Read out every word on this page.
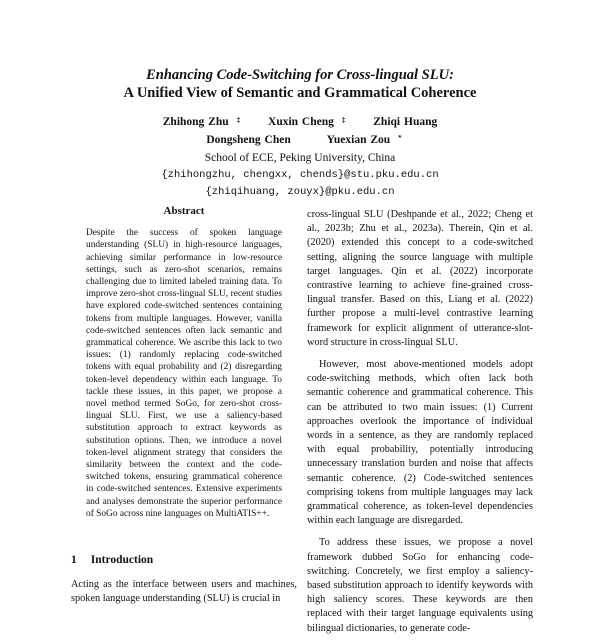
Enhancing Code-Switching for Cross-lingual SLU:
A Unified View of Semantic and Grammatical Coherence
Zhihong Zhu ‡ Xuxin Cheng ‡ Zhiqi Huang
Dongsheng Chen	Yuexian Zou *
School of ECE, Peking University, China
{zhihongzhu, chengxx, chends}@stu.pku.edu.cn
{zhiqihuang, zouyx}@pku.edu.cn
Abstract

Despite the success of spoken language understanding (SLU) in high-resource languages, achieving similar performance in low-resource settings, such as zero-shot scenarios, remains challenging due to limited labeled training data. To improve zero-shot cross-lingual SLU, recent studies have explored code-switched sentences containing tokens from multiple languages. However, vanilla code-switched sentences often lack semantic and grammatical coherence. We ascribe this lack to two issues: (1) randomly replacing code-switched tokens with equal probability and (2) disregarding token-level dependency within each language. To tackle these issues, in this paper, we propose a novel method termed SoGo, for zero-shot cross-lingual SLU. First, we use a saliency-based substitution approach to extract keywords as substitution options. Then, we introduce a novel token-level alignment strategy that considers the similarity between the context and the code-switched tokens, ensuring grammatical coherence in code-switched sentences. Extensive experiments and analyses demonstrate the superior performance of SoGo across nine languages on MultiATIS++.

1 Introduction

Acting as the interface between users and machines, spoken language understanding (SLU) is crucial in

cross-lingual SLU (Deshpande et al., 2022; Cheng et al., 2023b; Zhu et al., 2023a). Therein, Qin et al. (2020) extended this concept to a code-switched setting, aligning the source language with multiple target languages. Qin et al. (2022) incorporate contrastive learning to achieve fine-grained cross-lingual transfer. Based on this, Liang et al. (2022) further propose a multi-level contrastive learning framework for explicit alignment of utterance-slot-word structure in cross-lingual SLU.

However, most above-mentioned models adopt code-switching methods, which often lack both semantic coherence and grammatical coherence. This can be attributed to two main issues: (1) Current approaches overlook the importance of individual words in a sentence, as they are randomly replaced with equal probability, potentially introducing unnecessary translation burden and noise that affects semantic coherence. (2) Code-switched sentences comprising tokens from multiple languages may lack grammatical coherence, as token-level dependencies within each language are disregarded.

To address these issues, we propose a novel framework dubbed SoGo for enhancing code-switching. Concretely, we first employ a saliency-based substitution approach to identify keywords with high saliency scores. These keywords are then replaced with their target language equivalents using bilingual dictionaries, to generate code-
